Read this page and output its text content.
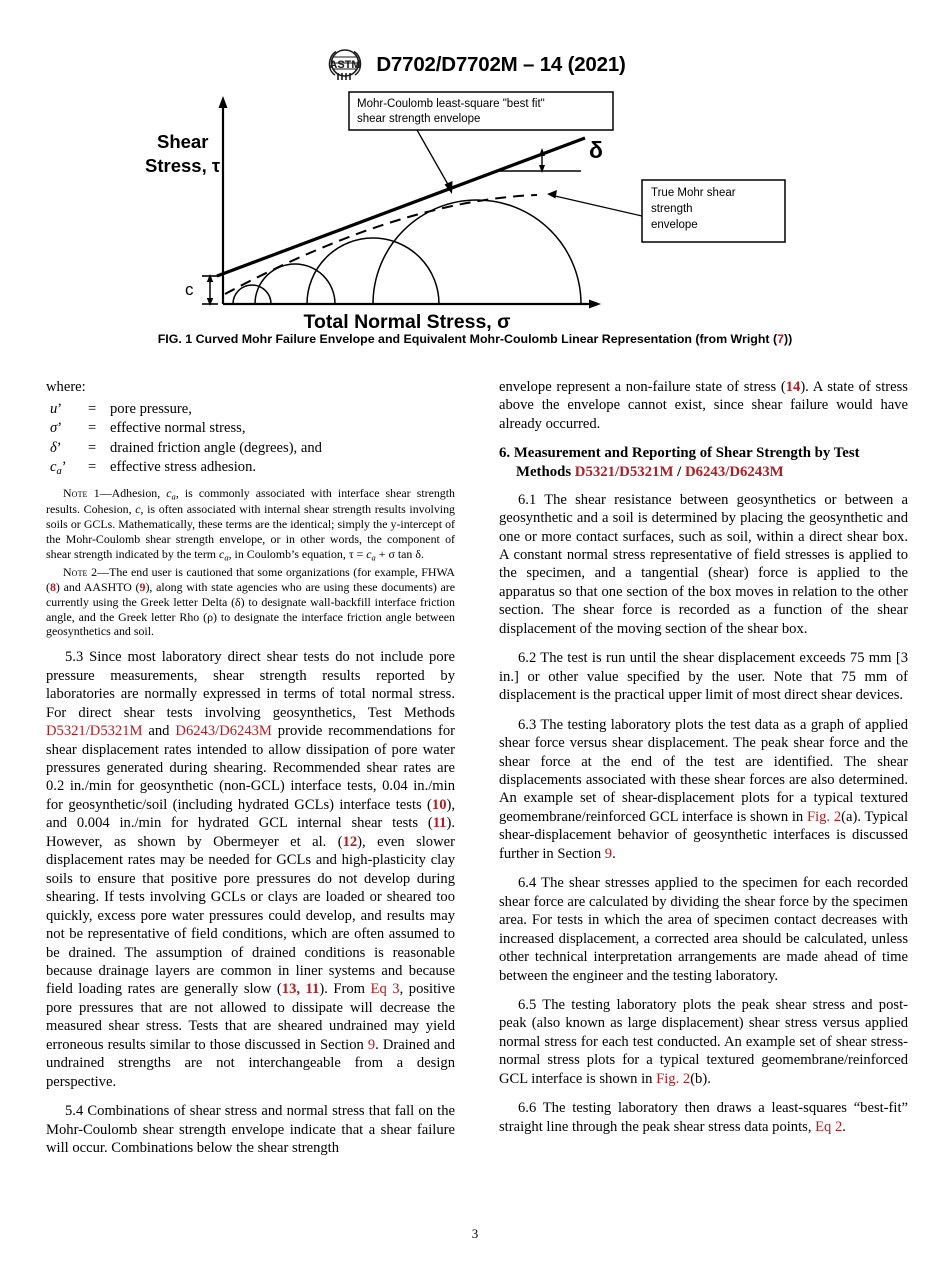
ASTM D7702/D7702M – 14 (2021)
δ
c
Mohr-Coulomb least-square "best fit"
shear strength envelope
True Mohr shear
strength
envelope
Shear
Stress, τ
Total Normal Stress, σ
FIG. 1 Curved Mohr Failure Envelope and Equivalent Mohr-Coulomb Linear Representation (from Wright (7))
where:
u’	= pore pressure,
σ’	= effective normal stress,
δ’	= drained friction angle (degrees), and
$c_a$’	= effective stress adhesion.

Note 1—Adhesion, $c_a$, is commonly associated with interface shear strength results. Cohesion, c, is often associated with internal shear strength results involving soils or GCLs. Mathematically, these terms are the identical; simply the y-intercept of the Mohr-Coulomb shear strength envelope, or in other words, the component of shear strength indicated by the term $c_a$, in Coulomb’s equation, $\tau = c_a + \sigma$ tan δ.

Note 2—The end user is cautioned that some organizations (for example, FHWA (8) and AASHTO (9), along with state agencies who are using these documents) are currently using the Greek letter Delta (δ) to designate wall-backfill interface friction angle, and the Greek letter Rho (ρ) to designate the interface friction angle between geosynthetics and soil.

5.3 Since most laboratory direct shear tests do not include pore pressure measurements, shear strength results reported by laboratories are normally expressed in terms of total normal stress. For direct shear tests involving geosynthetics, Test Methods D5321/D5321M and D6243/D6243M provide recommendations for shear displacement rates intended to allow dissipation of pore water pressures generated during shearing. Recommended shear rates are 0.2 in./min for geosynthetic (non-GCL) interface tests, 0.04 in./min for geosynthetic/soil (including hydrated GCLs) interface tests (10), and 0.004 in./min for hydrated GCL internal shear tests (11). However, as shown by Obermeyer et al. (12), even slower displacement rates may be needed for GCLs and high-plasticity clay soils to ensure that positive pore pressures do not develop during shearing. If tests involving GCLs or clays are loaded or sheared too quickly, excess pore water pressures could develop, and results may not be representative of field conditions, which are often assumed to be drained. The assumption of drained conditions is reasonable because drainage layers are common in liner systems and because field loading rates are generally slow (13, 11). From Eq 3, positive pore pressures that are not allowed to dissipate will decrease the measured shear stress. Tests that are sheared undrained may yield erroneous results similar to those discussed in Section 9. Drained and undrained strengths are not interchangeable from a design perspective.

5.4 Combinations of shear stress and normal stress that fall on the Mohr-Coulomb shear strength envelope indicate that a shear failure will occur. Combinations below the shear strength

envelope represent a non-failure state of stress (14). A state of stress above the envelope cannot exist, since shear failure would have already occurred.

6. Measurement and Reporting of Shear Strength by Test Methods D5321/D5321M / D6243/D6243M

6.1 The shear resistance between geosynthetics or between a geosynthetic and a soil is determined by placing the geosynthetic and one or more contact surfaces, such as soil, within a direct shear box. A constant normal stress representative of field stresses is applied to the specimen, and a tangential (shear) force is applied to the apparatus so that one section of the box moves in relation to the other section. The shear force is recorded as a function of the shear displacement of the moving section of the shear box.

6.2 The test is run until the shear displacement exceeds 75 mm [3 in.] or other value specified by the user. Note that 75 mm of displacement is the practical upper limit of most direct shear devices.

6.3 The testing laboratory plots the test data as a graph of applied shear force versus shear displacement. The peak shear force and the shear force at the end of the test are identified. The shear displacements associated with these shear forces are also determined. An example set of shear-displacement plots for a typical textured geomembrane/reinforced GCL interface is shown in Fig. 2(a). Typical shear-displacement behavior of geosynthetic interfaces is discussed further in Section 9.

6.4 The shear stresses applied to the specimen for each recorded shear force are calculated by dividing the shear force by the specimen area. For tests in which the area of specimen contact decreases with increased displacement, a corrected area should be calculated, unless other technical interpretation arrangements are made ahead of time between the engineer and the testing laboratory.

6.5 The testing laboratory plots the peak shear stress and post-peak (also known as large displacement) shear stress versus applied normal stress for each test conducted. An example set of shear stress-normal stress plots for a typical textured geomembrane/reinforced GCL interface is shown in Fig. 2(b).

6.6 The testing laboratory then draws a least-squares “best-fit” straight line through the peak shear stress data points, Eq 2.

3
